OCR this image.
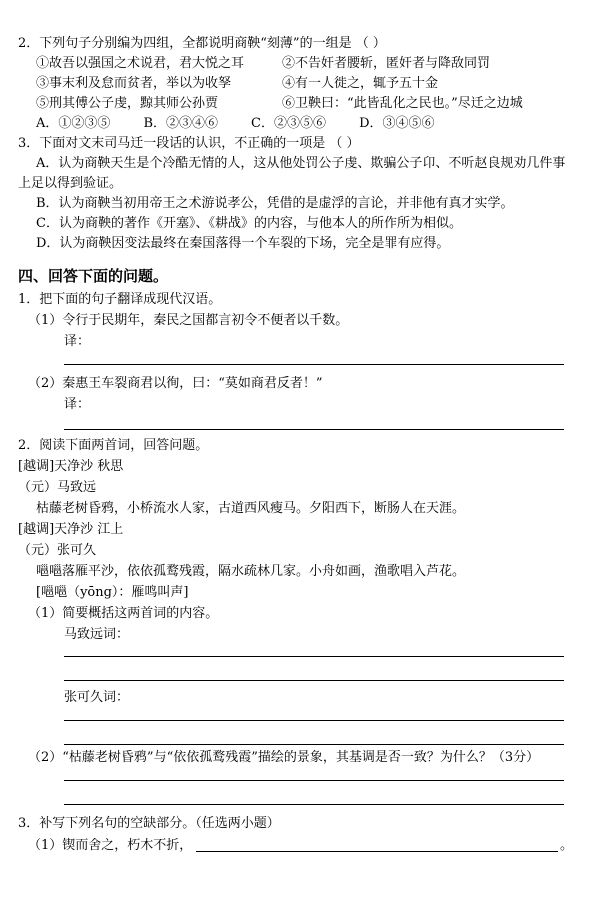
2．下列句子分别编为四组，全都说明商鞅“刻薄”的一组是 （ ）
①故吾以强国之术说君，君大悦之耳	②不告奸者腰斩，匿奸者与降敌同罚
③事末利及怠而贫者，举以为收孥	④有一人徙之，辄予五十金
⑤刑其傅公子虔，黥其师公孙贾	⑥卫鞅曰：“此皆乱化之民也。”尽迁之边城
A．①②③⑤        B．②③④⑥        C．②③⑤⑥        D．③④⑤⑥
3．下面对文末司马迁一段话的认识，不正确的一项是 （ ）
A．认为商鞅天生是个冷酷无情的人，这从他处罚公子虔、欺骗公子卬、不听赵良规劝几件事
上足以得到验证。
B．认为商鞅当初用帝王之术游说孝公，凭借的是虚浮的言论，并非他有真才实学。
C．认为商鞅的著作《开塞》、《耕战》的内容，与他本人的所作所为相似。
D．认为商鞅因变法最终在秦国落得一个车裂的下场，完全是罪有应得。
四、回答下面的问题。
1．把下面的句子翻译成现代汉语。
（1）令行于民期年，秦民之国都言初令不便者以千数。
译：
（2）秦惠王车裂商君以徇，曰：“莫如商君反者！”
译：
2．阅读下面两首词，回答问题。
[越调]天净沙 秋思
（元）马致远
枯藤老树昏鸦，小桥流水人家，古道西风瘦马。夕阳西下，断肠人在天涯。
[越调]天净沙 江上
（元）张可久
嗈嗈落雁平沙，依依孤鹜残霞，隔水疏林几家。小舟如画，渔歌唱入芦花。
[嗈嗈（yōng）：雁鸣叫声]
（1）简要概括这两首词的内容。
马致远词：
张可久词：
（2）“枯藤老树昏鸦”与“依依孤鹜残霞”描绘的景象，其基调是否一致？为什么？（3分）
3．补写下列名句的空缺部分。（任选两小题）
（1）锲而舍之，朽木不折，	。
